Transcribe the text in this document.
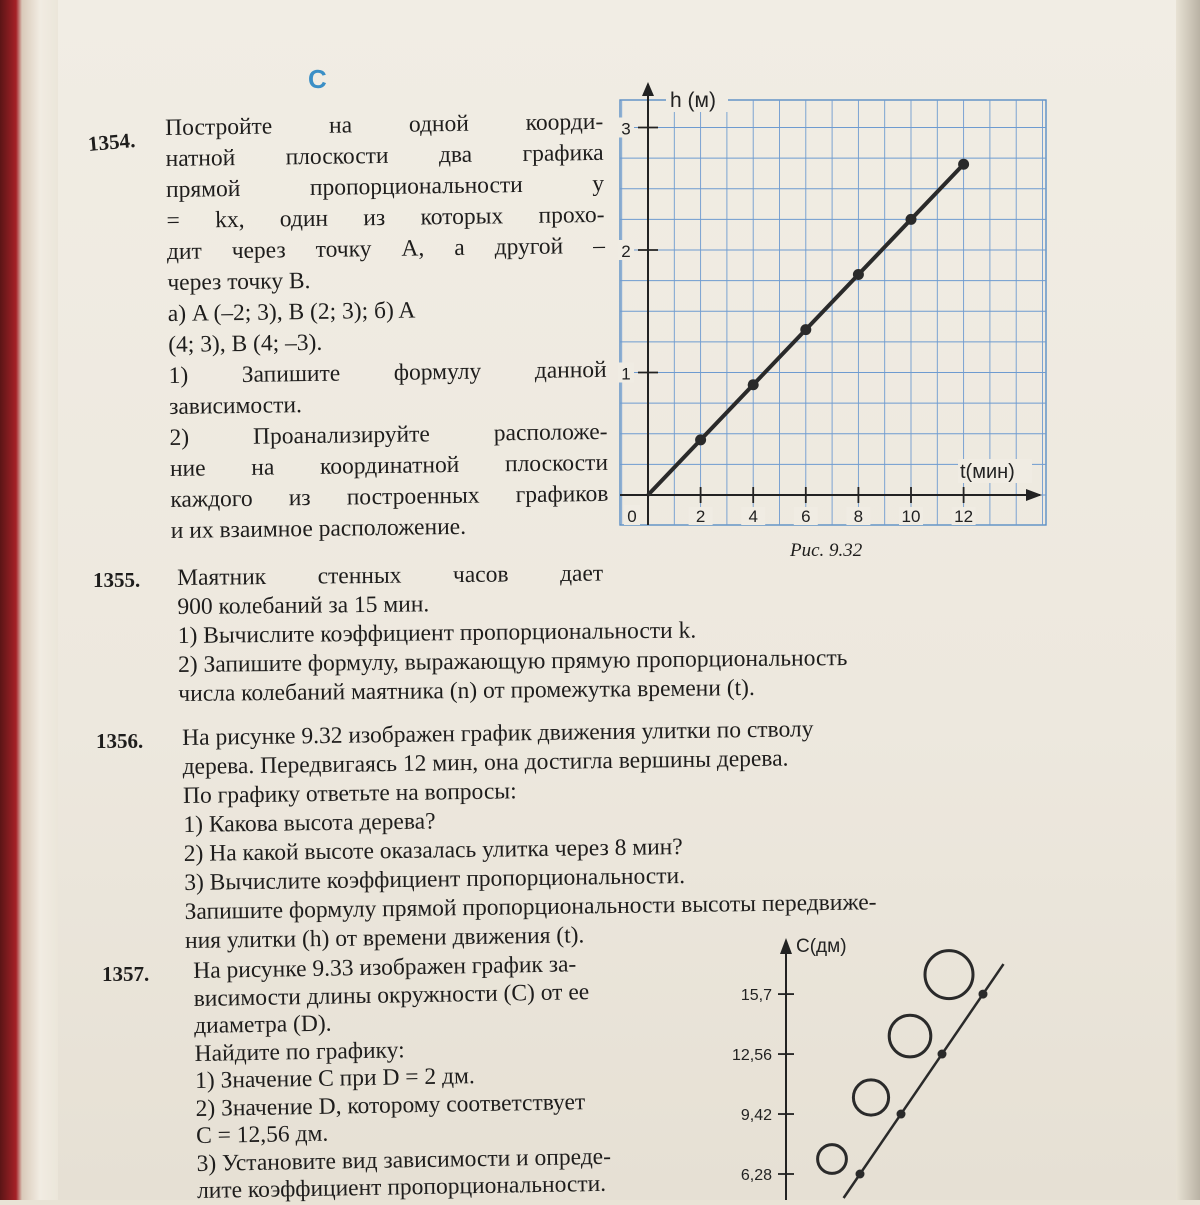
C
1354.
Постройте на одной коорди-
натной плоскости два графика
прямой пропорциональности y
= kx, один из которых прохо-
дит через точку A, а другой –
через точку B.
а) A (–2; 3), B (2; 3); б) A
(4; 3), B (4; –3).
1) Запишите формулу данной
зависимости.
2) Проанализируйте расположе-
ние на координатной плоскости
каждого из построенных графиков
и их взаимное расположение.
1
2
3
2	4	6	8 10 12
0
h (м)
t(мин)
Рис. 9.32
1355. Маятник стенных часов дает
900 колебаний за 15 мин.
1) Вычислите коэффициент пропорциональности k.
2) Запишите формулу, выражающую прямую пропорциональность
числа колебаний маятника (n) от промежутка времени (t).
1356. На рисунке 9.32 изображен график движения улитки по стволу
дерева. Передвигаясь 12 мин, она достигла вершины дерева.
По графику ответьте на вопросы:
1) Какова высота дерева?
2) На какой высоте оказалась улитка через 8 мин?
3) Вычислите коэффициент пропорциональности.
Запишите формулу прямой пропорциональности высоты передвиже-
ния улитки (h) от времени движения (t).
1357. На рисунке 9.33 изображен график за-
висимости длины окружности (C) от ее
диаметра (D).
Найдите по графику:
1) Значение C при D = 2 дм.
2) Значение D, которому соответствует
C = 12,56 дм.
3) Установите вид зависимости и опреде-
лите коэффициент пропорциональности.
C(дм)
6,28
9,42
12,56
15,7
